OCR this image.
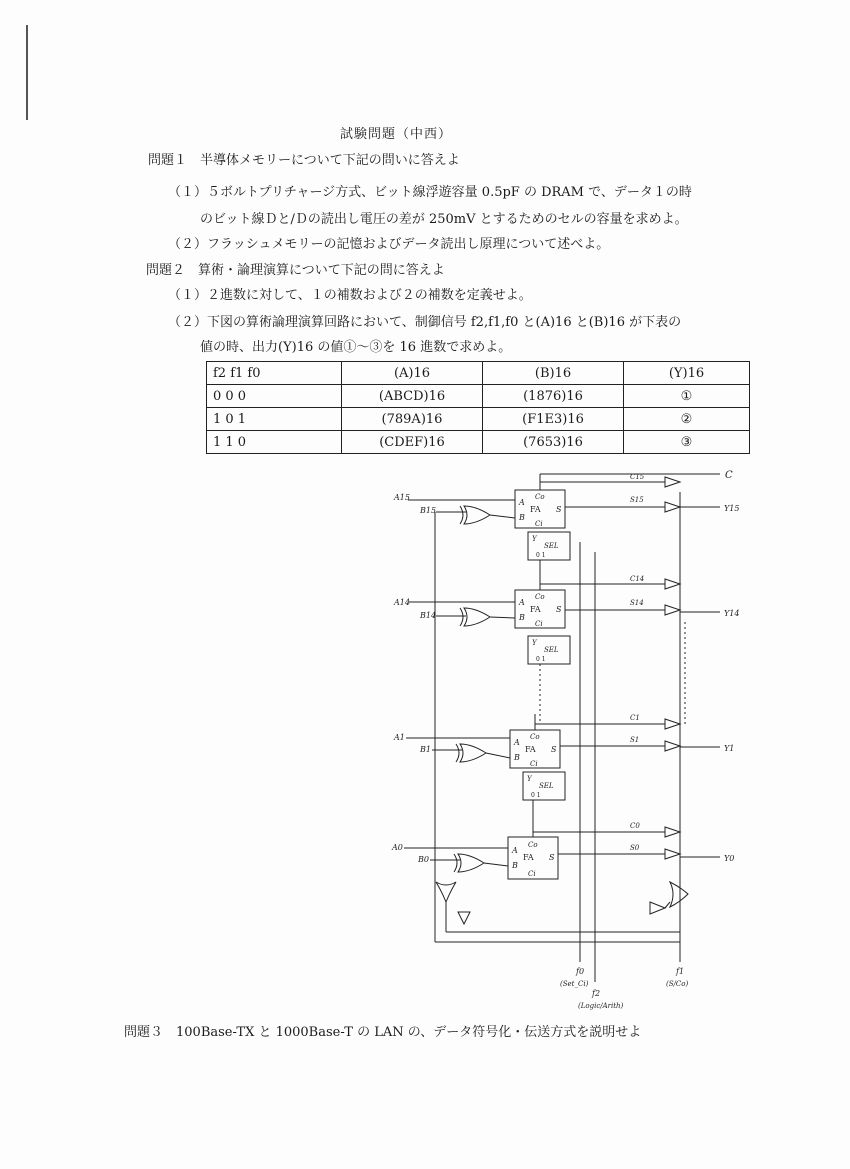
試験問題（中西）
問題１　半導体メモリーについて下記の問いに答えよ
（１）５ボルトプリチャージ方式、ビット線浮遊容量 0.5pF の DRAM で、データ１の時
のビット線Ｄと/Ｄの読出し電圧の差が 250mV とするためのセルの容量を求めよ。
（２）フラッシュメモリーの記憶およびデータ読出し原理について述べよ。
問題２　算術・論理演算について下記の問に答えよ
（１）２進数に対して、１の補数および２の補数を定義せよ。
（２）下図の算術論理演算回路において、制御信号 f2,f1,f0 と(A)16 と(B)16 が下表の
値の時、出力(Y)16 の値①～③を 16 進数で求めよ。
f2 f1 f0	(A)16	(B)16	(Y)16
0 0 0	(ABCD)16	(1876)16	①
1 0 1	(789A)16	(F1E3)16	②
1 1 0	(CDEF)16	(7653)16	③
C
A
B
FA S
Co
Ci
A15
B15
S15
C15
Y15
Y
SEL
0 1
A
B
FA S
Co
Ci
A14
B14
S14
C14
Y14
Y
SEL
0 1
A
B
FA S
Co
Ci
A1
B1
S1
C1
Y1
Y
SEL
0 1
A
B
FA S
Co
Ci
A0
B0
S0
C0
Y0
f0
(Set_Ci)
f2
(Logic/Arith)
f1
(S/Co)
問題３　100Base-TX と 1000Base-T の LAN の、データ符号化・伝送方式を説明せよ
